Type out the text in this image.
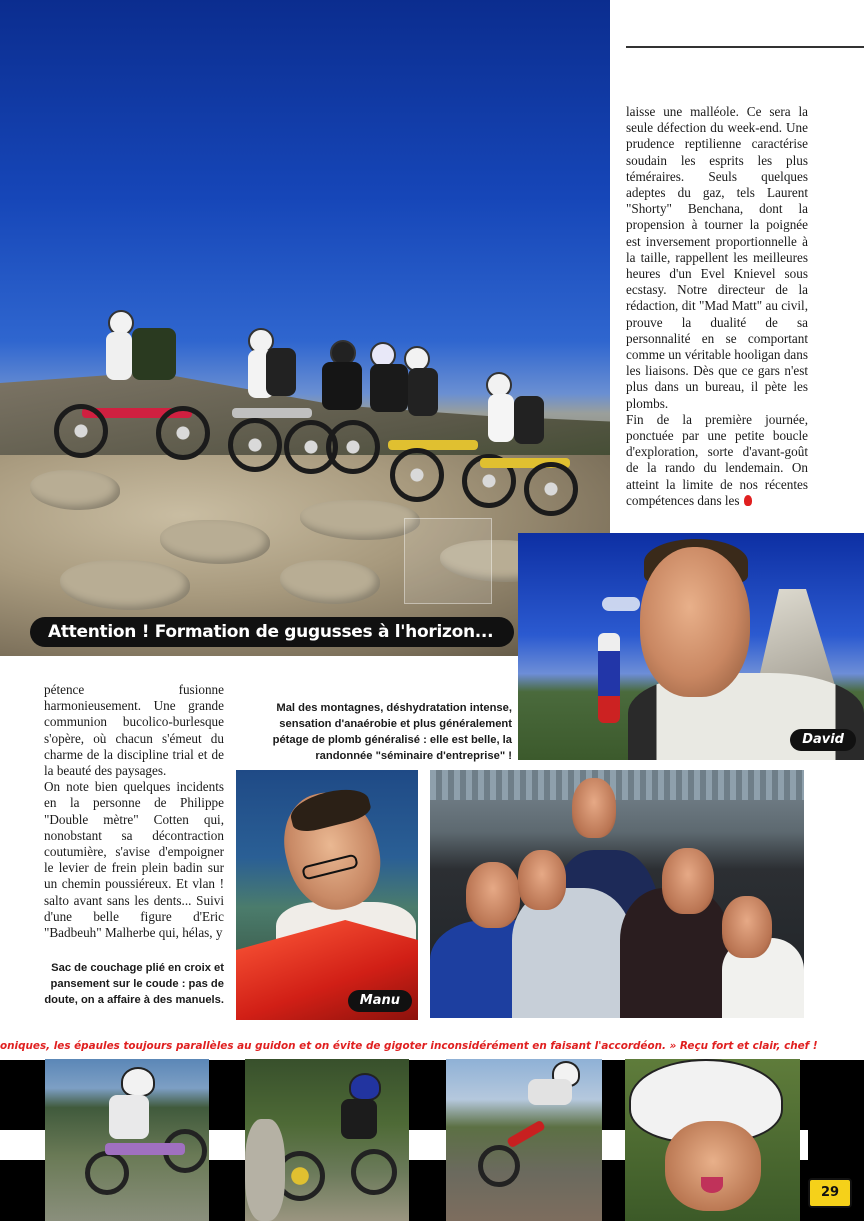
Attention ! Formation de gugusses à l'horizon...

laisse une malléole. Ce sera la seule défection du week-end. Une prudence reptilienne caractérise soudain les esprits les plus téméraires. Seuls quelques adeptes du gaz, tels Laurent "Shorty" Benchana, dont la propension à tourner la poignée est inversement proportionnelle à la taille, rappellent les meilleures heures d'un Evel Knievel sous ecstasy. Notre directeur de la rédaction, dit "Mad Matt" au civil, prouve la dualité de sa personnalité en se comportant comme un véritable hooligan dans les liaisons. Dès que ce gars n'est plus dans un bureau, il pète les plombs.

Fin de la première journée, ponctuée par une petite boucle d'exploration, sorte d'avant-goût de la rando du lendemain. On atteint la limite de nos récentes compétences dans les

David

pétence fusionne harmonieusement. Une grande communion bucolico-burlesque s'opère, où chacun s'émeut du charme de la discipline trial et de la beauté des paysages.

On note bien quelques incidents en la personne de Philippe "Double mètre" Cotten qui, nonobstant sa décontraction coutumière, s'avise d'empoigner le levier de frein plein badin sur un chemin poussiéreux. Et vlan ! salto avant sans les dents... Suivi d'une belle figure d'Eric "Badbeuh" Malherbe qui, hélas, y

Mal des montagnes, déshydratation intense, sensation d'anaérobie et plus généralement pétage de plomb généralisé : elle est belle, la randonnée "séminaire d'entreprise" !
Sac de couchage plié en croix et pansement sur le coude : pas de doute, on a affaire à des manuels.	Manu
oniques, les épaules toujours parallèles au guidon et on évite de gigoter inconsidérément en faisant l'accordéon. » Reçu fort et clair, chef !
29
